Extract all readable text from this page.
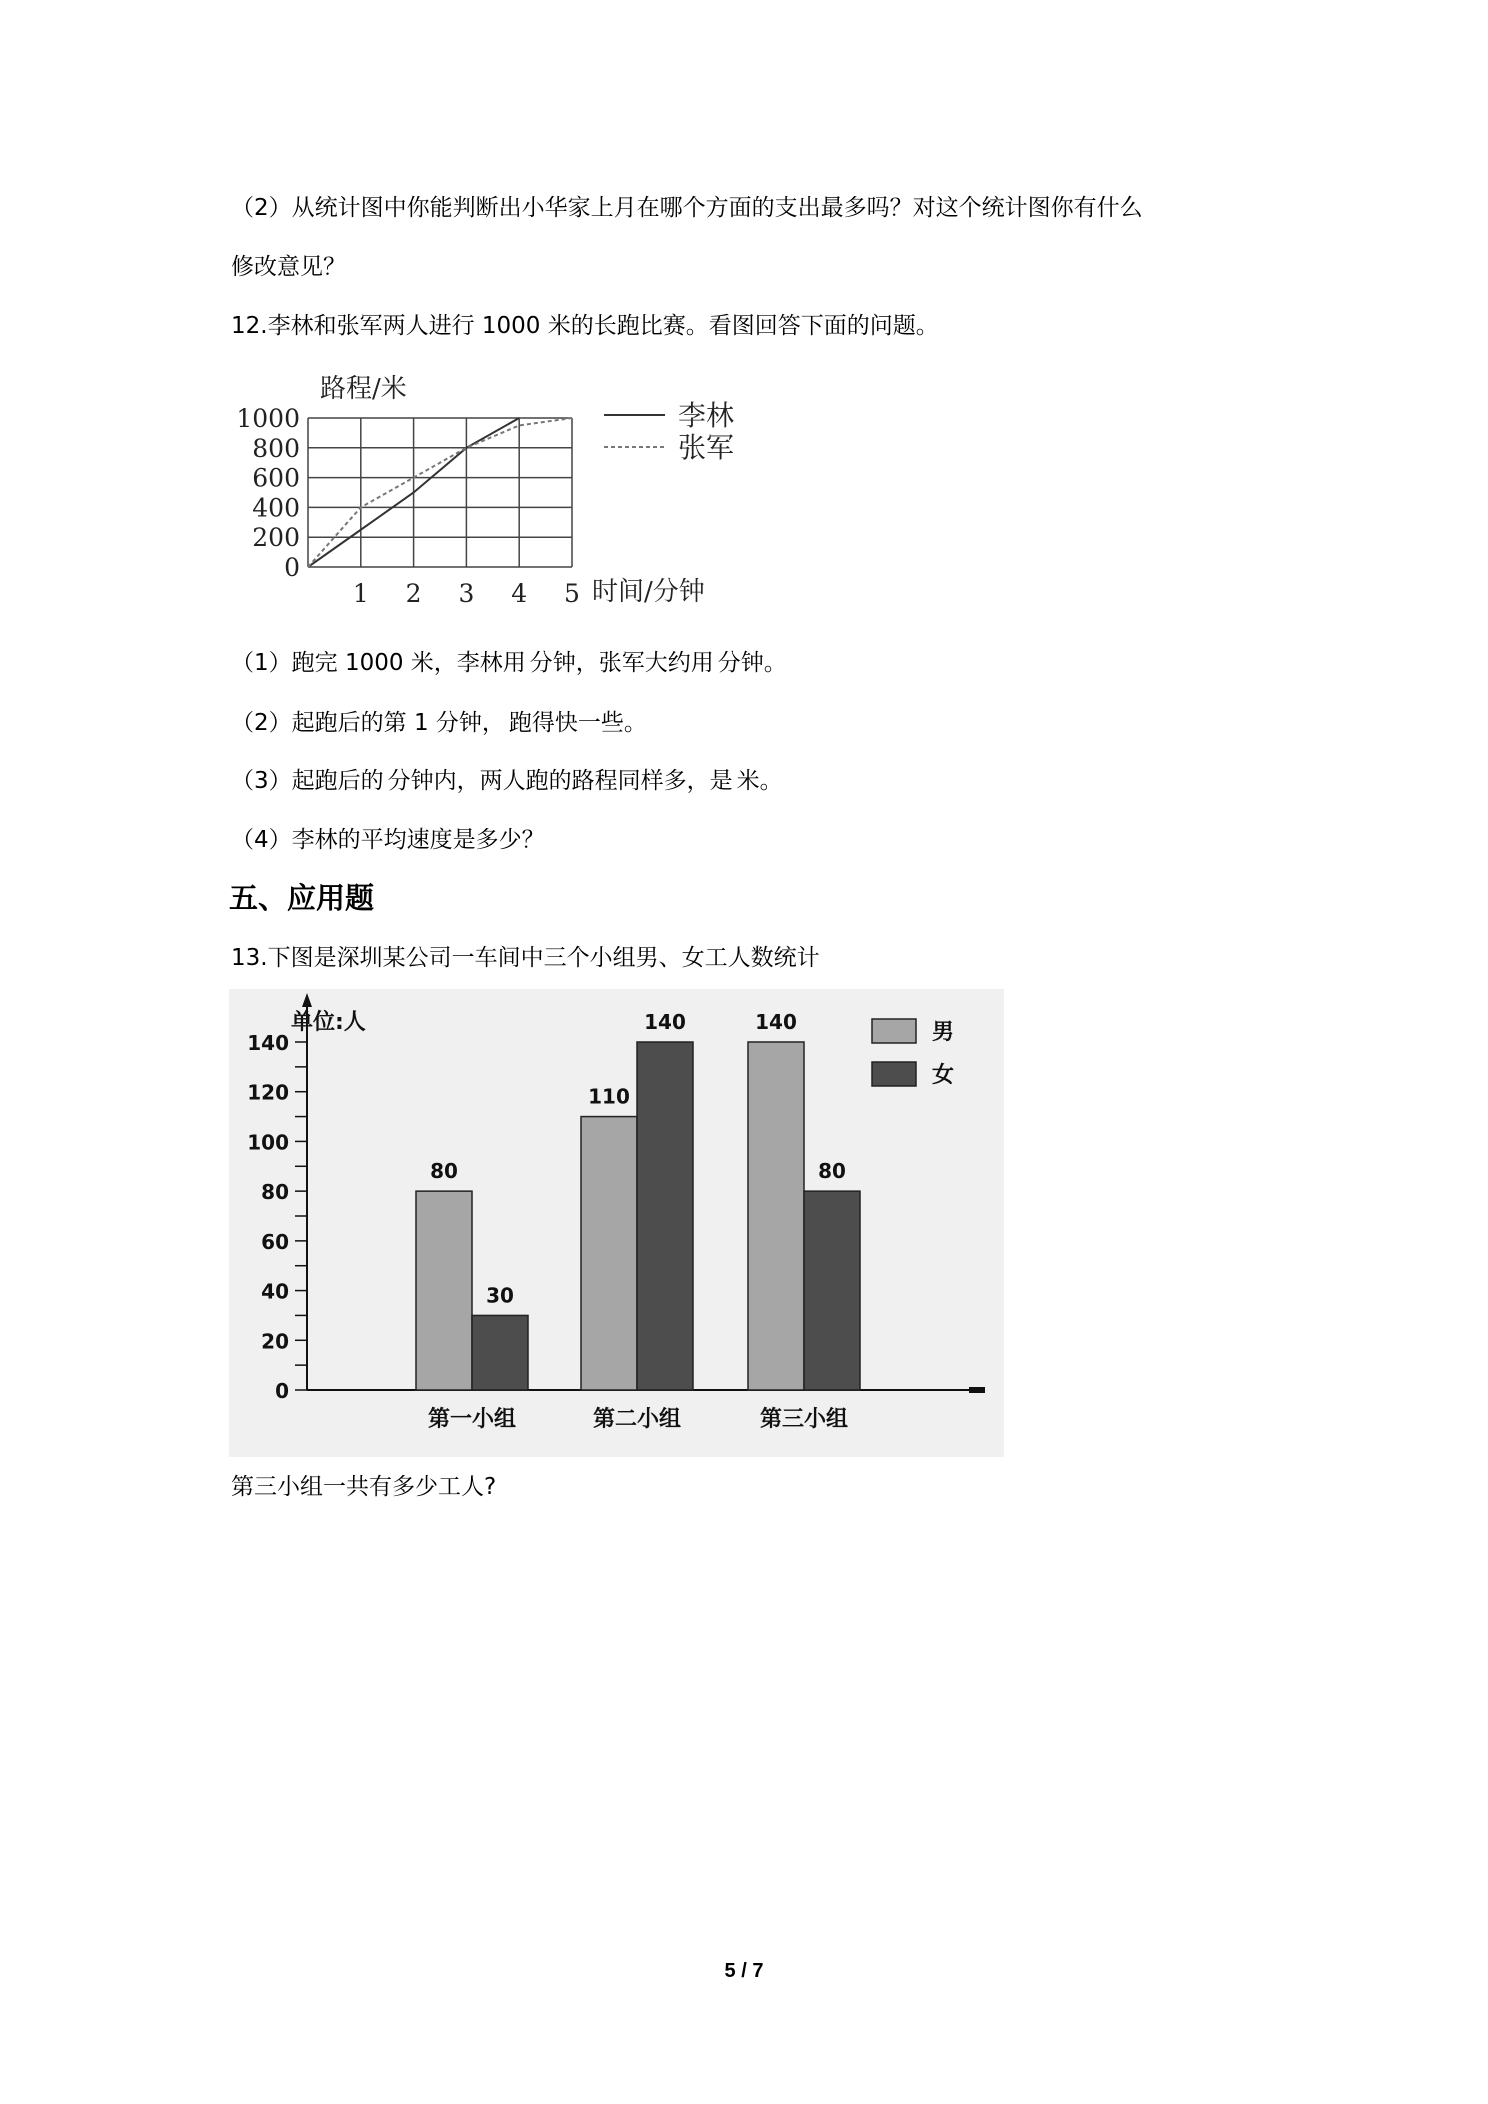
（2）从统计图中你能判断出小华家上月在哪个方面的支出最多吗？对这个统计图你有什么
修改意见？
12.李林和张军两人进行 1000 米的长跑比赛。看图回答下面的问题。
路程/米
0
200
400
600
800
1000
1 2 3 4 5 时间/分钟
李林
张军
（1）跑完 1000 米，李林用 分钟，张军大约用 分钟。
（2）起跑后的第 1 分钟， 跑得快一些。
（3）起跑后的 分钟内，两人跑的路程同样多，是 米。
（4）李林的平均速度是多少？
五、应用题
13.下图是深圳某公司一车间中三个小组男、女工人数统计
单位:人
0
20
40
60
80
100
120
140
80
30
第一小组
110
140
第二小组
140
80
第三小组
男
女
第三小组一共有多少工人?
5 / 7
